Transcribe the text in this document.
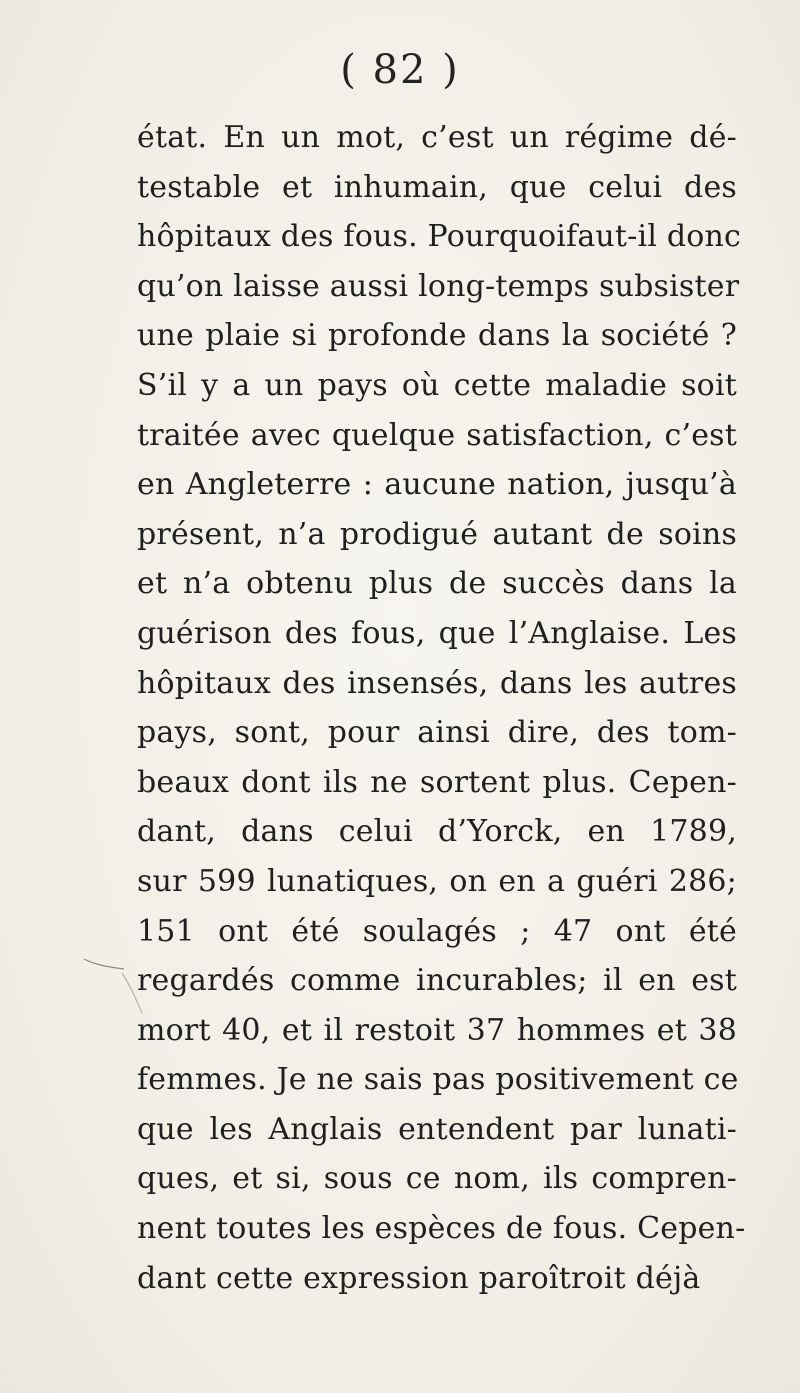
( 82 )
état. En un mot, c’est un régime dé-
testable et inhumain, que celui des
hôpitaux des fous. Pourquoifaut-il donc
qu’on laisse aussi long-temps subsister
une plaie si profonde dans la société ?
S’il y a un pays où cette maladie soit
traitée avec quelque satisfaction, c’est
en Angleterre : aucune nation, jusqu’à
présent, n’a prodigué autant de soins
et n’a obtenu plus de succès dans la
guérison des fous, que l’Anglaise. Les
hôpitaux des insensés, dans les autres
pays, sont, pour ainsi dire, des tom-
beaux dont ils ne sortent plus. Cepen-
dant, dans celui d’Yorck, en 1789,
sur 599 lunatiques, on en a guéri 286;
151 ont été soulagés ; 47 ont été
regardés comme incurables; il en est
mort 40, et il restoit 37 hommes et 38
femmes. Je ne sais pas positivement ce
que les Anglais entendent par lunati-
ques, et si, sous ce nom, ils compren-
nent toutes les espèces de fous. Cepen-
dant cette expression paroîtroit déjà
